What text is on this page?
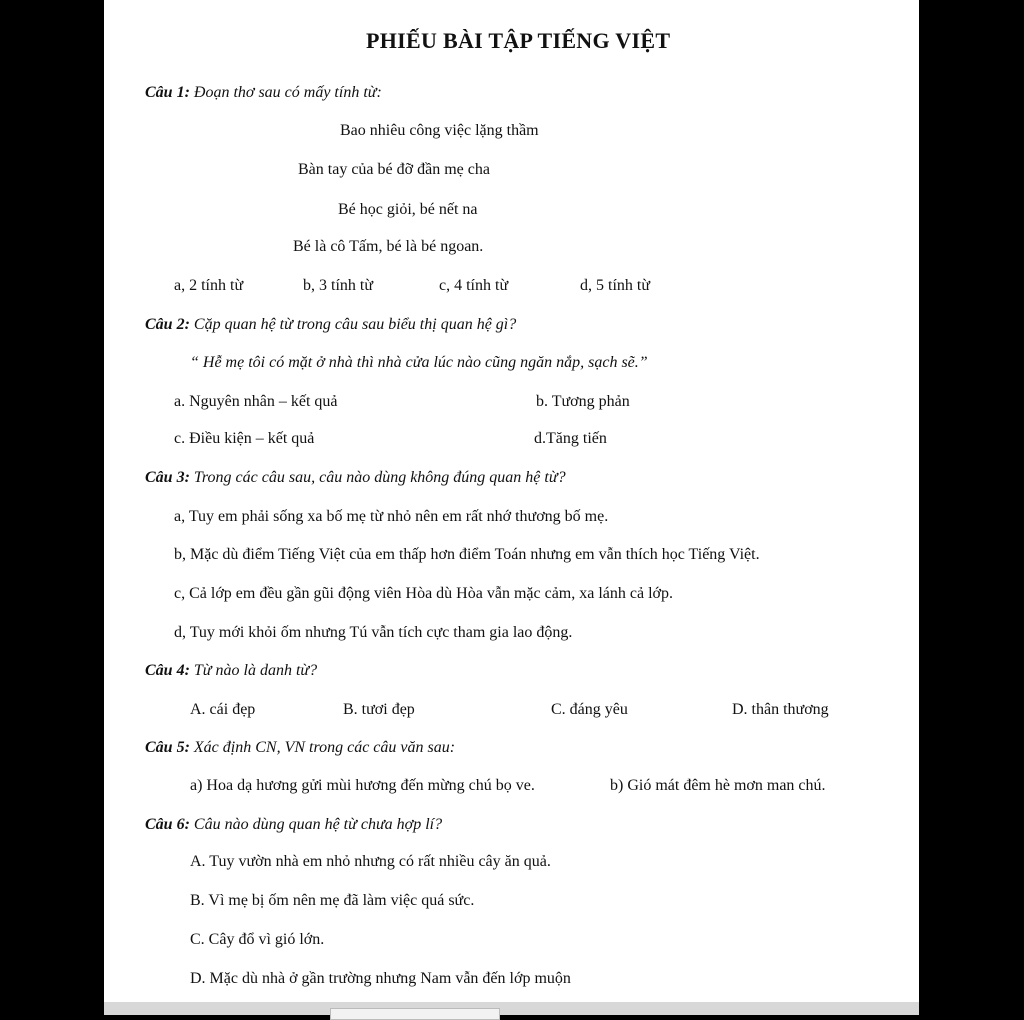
PHIẾU BÀI TẬP TIẾNG VIỆT
Câu 1: Đoạn thơ sau có mấy tính từ:
Bao nhiêu công việc lặng thầm
Bàn tay của bé đỡ đần mẹ cha
Bé học giỏi, bé nết na
Bé là cô Tấm, bé là bé ngoan.
a, 2 tính từ	b, 3 tính từ	c, 4 tính từ	d, 5 tính từ
Câu 2: Cặp quan hệ từ trong câu sau biểu thị quan hệ gì?
“ Hễ mẹ tôi có mặt ở nhà thì nhà cửa lúc nào cũng ngăn nắp, sạch sẽ.”
a. Nguyên nhân – kết quả	b. Tương phản
c. Điều kiện – kết quả	d.Tăng tiến
Câu 3: Trong các câu sau, câu nào dùng không đúng quan hệ từ?
a, Tuy em phải sống xa bố mẹ từ nhỏ nên em rất nhớ thương bố mẹ.
b, Mặc dù điểm Tiếng Việt của em thấp hơn điểm Toán nhưng em vẫn thích học Tiếng Việt.
c, Cả lớp em đều gần gũi động viên Hòa dù Hòa vẫn mặc cảm, xa lánh cả lớp.
d, Tuy mới khỏi ốm nhưng Tú vẫn tích cực tham gia lao động.
Câu 4: Từ nào là danh từ?
A. cái đẹp	B. tươi đẹp	C. đáng yêu	D. thân thương
Câu 5: Xác định CN, VN trong các câu văn sau:
a) Hoa dạ hương gửi mùi hương đến mừng chú bọ ve.	b) Gió mát đêm hè mơn man chú.
Câu 6: Câu nào dùng quan hệ từ chưa hợp lí?
A. Tuy vườn nhà em nhỏ nhưng có rất nhiều cây ăn quả.
B. Vì mẹ bị ốm nên mẹ đã làm việc quá sức.
C. Cây đổ vì gió lớn.
D. Mặc dù nhà ở gần trường nhưng Nam vẫn đến lớp muộn
